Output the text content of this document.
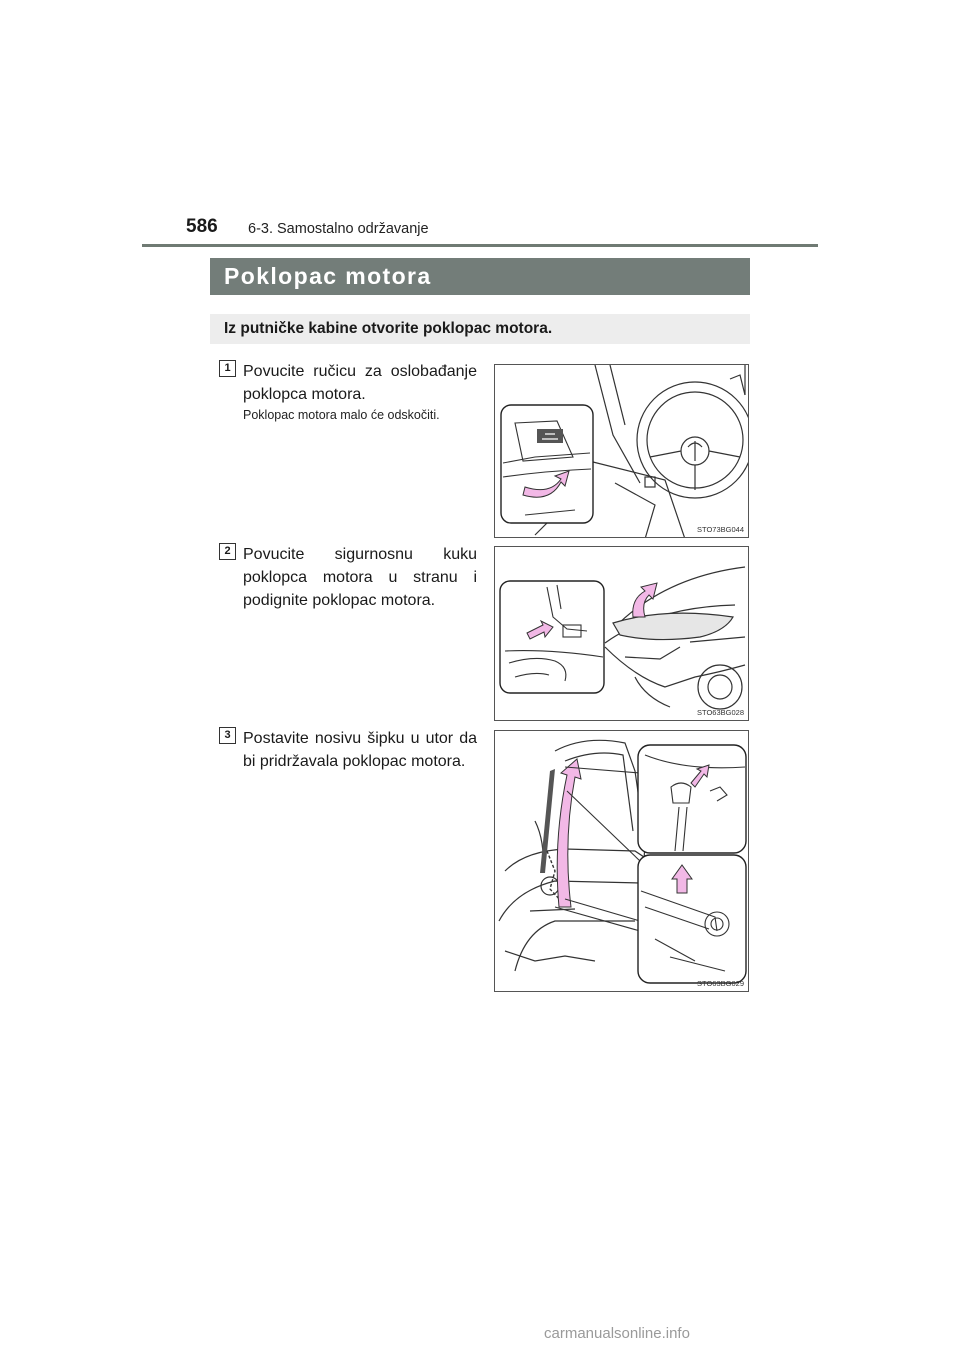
586 6-3. Samostalno održavanje
Poklopac motora
Iz putničke kabine otvorite poklopac motora.
1 Povucite ručicu za oslobađanje poklopca motora.
Poklopac motora malo će odskočiti.
STO73BG044
2 Povucite sigurnosnu kuku poklopca motora u stranu i podignite poklopac motora.
STO63BG028
3 Postavite nosivu šipku u utor da bi pridržavala poklopac motora.
STO63BG029
carmanualsonline.info
